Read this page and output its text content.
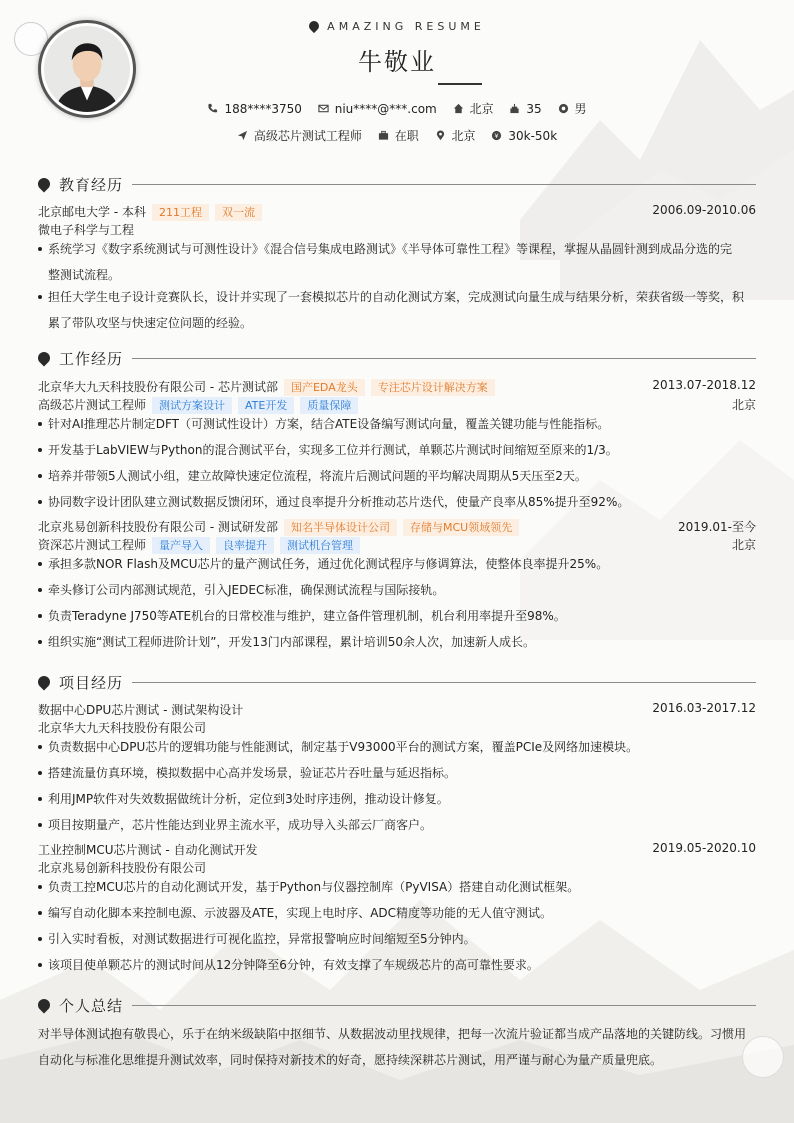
AMAZING RESUME
牛敬业
188****3750	niu****@***.com	北京	35	男
高级芯片测试工程师	在职	北京	¥ 30k-50k
教育经历
北京邮电大学 - 本科 211工程 双一流	2006.09-2010.06
微电子科学与工程
系统学习《数字系统测试与可测性设计》《混合信号集成电路测试》《半导体可靠性工程》等课程，掌握从晶圆针测到成品分选的完
整测试流程。
担任大学生电子设计竞赛队长，设计并实现了一套模拟芯片的自动化测试方案，完成测试向量生成与结果分析，荣获省级一等奖，积
累了带队攻坚与快速定位问题的经验。
工作经历
北京华大九天科技股份有限公司 - 芯片测试部 国产EDA龙头 专注芯片设计解决方案	2013.07-2018.12
高级芯片测试工程师 测试方案设计 ATE开发 质量保障	北京
针对AI推理芯片制定DFT（可测试性设计）方案，结合ATE设备编写测试向量，覆盖关键功能与性能指标。
开发基于LabVIEW与Python的混合测试平台，实现多工位并行测试，单颗芯片测试时间缩短至原来的1/3。
培养并带领5人测试小组，建立故障快速定位流程，将流片后测试问题的平均解决周期从5天压至2天。
协同数字设计团队建立测试数据反馈闭环，通过良率提升分析推动芯片迭代，使量产良率从85%提升至92%。
北京兆易创新科技股份有限公司 - 测试研发部 知名半导体设计公司 存储与MCU领域领先	2019.01-至今
资深芯片测试工程师 量产导入 良率提升 测试机台管理	北京
承担多款NOR Flash及MCU芯片的量产测试任务，通过优化测试程序与修调算法，使整体良率提升25%。
牵头修订公司内部测试规范，引入JEDEC标准，确保测试流程与国际接轨。
负责Teradyne J750等ATE机台的日常校准与维护，建立备件管理机制，机台利用率提升至98%。
组织实施“测试工程师进阶计划”，开发13门内部课程，累计培训50余人次，加速新人成长。
项目经历
数据中心DPU芯片测试 - 测试架构设计	2016.03-2017.12
北京华大九天科技股份有限公司
负责数据中心DPU芯片的逻辑功能与性能测试，制定基于V93000平台的测试方案，覆盖PCIe及网络加速模块。
搭建流量仿真环境，模拟数据中心高并发场景，验证芯片吞吐量与延迟指标。
利用JMP软件对失效数据做统计分析，定位到3处时序违例，推动设计修复。
项目按期量产，芯片性能达到业界主流水平，成功导入头部云厂商客户。
工业控制MCU芯片测试 - 自动化测试开发	2019.05-2020.10
北京兆易创新科技股份有限公司
负责工控MCU芯片的自动化测试开发，基于Python与仪器控制库（PyVISA）搭建自动化测试框架。
编写自动化脚本来控制电源、示波器及ATE，实现上电时序、ADC精度等功能的无人值守测试。
引入实时看板，对测试数据进行可视化监控，异常报警响应时间缩短至5分钟内。
该项目使单颗芯片的测试时间从12分钟降至6分钟，有效支撑了车规级芯片的高可靠性要求。
个人总结
对半导体测试抱有敬畏心，乐于在纳米级缺陷中抠细节、从数据波动里找规律，把每一次流片验证都当成产品落地的关键防线。习惯用
自动化与标准化思维提升测试效率，同时保持对新技术的好奇，愿持续深耕芯片测试，用严谨与耐心为量产质量兜底。
